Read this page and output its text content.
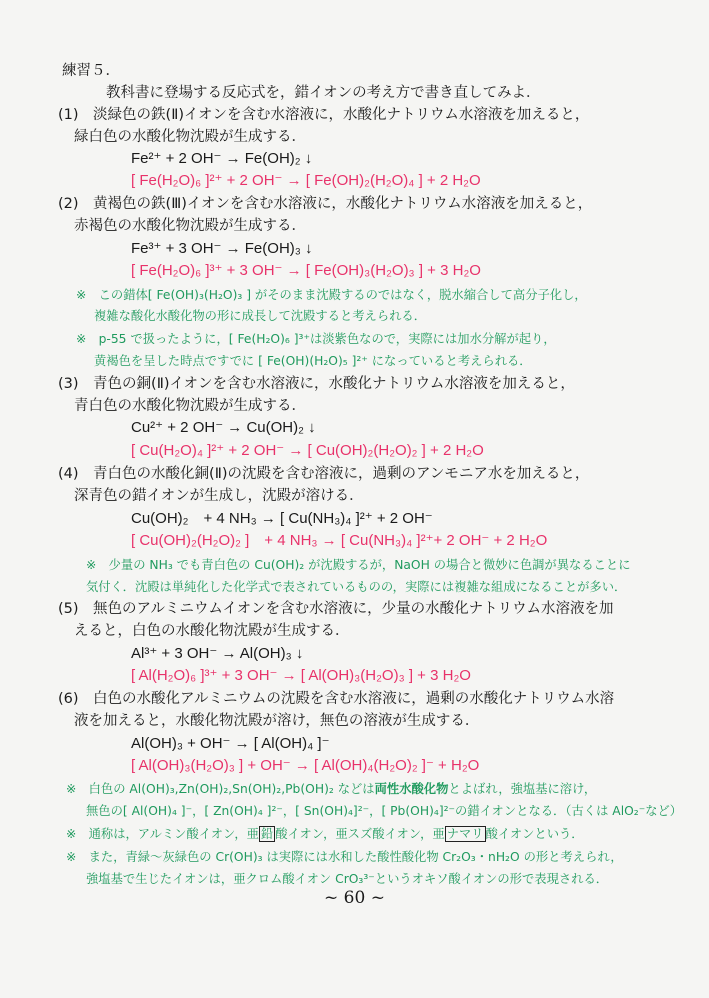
練習５．
教科書に登場する反応式を，錯イオンの考え方で書き直してみよ．
(1)　淡緑色の鉄(Ⅱ)イオンを含む水溶液に，水酸化ナトリウム水溶液を加えると，
緑白色の水酸化物沈殿が生成する．
Fe²⁺ + 2 OH⁻ → Fe(OH)₂ ↓
[ Fe(H₂O)₆ ]²⁺ + 2 OH⁻ → [ Fe(OH)₂(H₂O)₄ ] + 2 H₂O
(2)　黄褐色の鉄(Ⅲ)イオンを含む水溶液に，水酸化ナトリウム水溶液を加えると，
赤褐色の水酸化物沈殿が生成する．
Fe³⁺ + 3 OH⁻ → Fe(OH)₃ ↓
[ Fe(H₂O)₆ ]³⁺ + 3 OH⁻ → [ Fe(OH)₃(H₂O)₃ ] + 3 H₂O
※　この錯体[ Fe(OH)₃(H₂O)₃ ] がそのまま沈殿するのではなく，脱水縮合して高分子化し，
複雑な酸化水酸化物の形に成長して沈殿すると考えられる．
※　p-55 で扱ったように，[ Fe(H₂O)₆ ]³⁺は淡紫色なので，実際には加水分解が起り，
黄褐色を呈した時点ですでに [ Fe(OH)(H₂O)₅ ]²⁺ になっていると考えられる．
(3)　青色の銅(Ⅱ)イオンを含む水溶液に，水酸化ナトリウム水溶液を加えると，
青白色の水酸化物沈殿が生成する．
Cu²⁺ + 2 OH⁻ → Cu(OH)₂ ↓
[ Cu(H₂O)₄ ]²⁺ + 2 OH⁻ → [ Cu(OH)₂(H₂O)₂ ] + 2 H₂O
(4)　青白色の水酸化銅(Ⅱ)の沈殿を含む溶液に，過剰のアンモニア水を加えると，
深青色の錯イオンが生成し，沈殿が溶ける．
Cu(OH)₂　+ 4 NH₃ → [ Cu(NH₃)₄ ]²⁺ + 2 OH⁻
[ Cu(OH)₂(H₂O)₂ ]　+ 4 NH₃ → [ Cu(NH₃)₄ ]²⁺+ 2 OH⁻ + 2 H₂O
※　少量の NH₃ でも青白色の Cu(OH)₂ が沈殿するが，NaOH の場合と微妙に色調が異なることに
気付く．沈殿は単純化した化学式で表されているものの，実際には複雑な組成になることが多い．
(5)　無色のアルミニウムイオンを含む水溶液に，少量の水酸化ナトリウム水溶液を加
えると，白色の水酸化物沈殿が生成する．
Al³⁺ + 3 OH⁻ → Al(OH)₃ ↓
[ Al(H₂O)₆ ]³⁺ + 3 OH⁻ → [ Al(OH)₃(H₂O)₃ ] + 3 H₂O
(6)　白色の水酸化アルミニウムの沈殿を含む水溶液に，過剰の水酸化ナトリウム水溶
液を加えると，水酸化物沈殿が溶け，無色の溶液が生成する．
Al(OH)₃ + OH⁻ → [ Al(OH)₄ ]⁻
[ Al(OH)₃(H₂O)₃ ] + OH⁻ → [ Al(OH)₄(H₂O)₂ ]⁻ + H₂O
無色の[ Al(OH)₄ ]⁻，[ Zn(OH)₄ ]²⁻，[ Sn(OH)₄]²⁻，[ Pb(OH)₄]²⁻の錯イオンとなる．（古くは AlO₂⁻など）
※　また，青緑～灰緑色の Cr(OH)₃ は実際には水和した酸性酸化物 Cr₂O₃・nH₂O の形と考えられ，
強塩基で生じたイオンは，亜クロム酸イオン CrO₃³⁻というオキソ酸イオンの形で表現される．
※　白色の Al(OH)₃,Zn(OH)₂,Sn(OH)₂,Pb(OH)₂ などは両性水酸化物とよばれ，強塩基に溶け，
※　通称は，アルミン酸イオン，亜 鉛 酸イオン，亜スズ酸イオン，亜 ナマリ 酸イオンという．
~ 60 ~
